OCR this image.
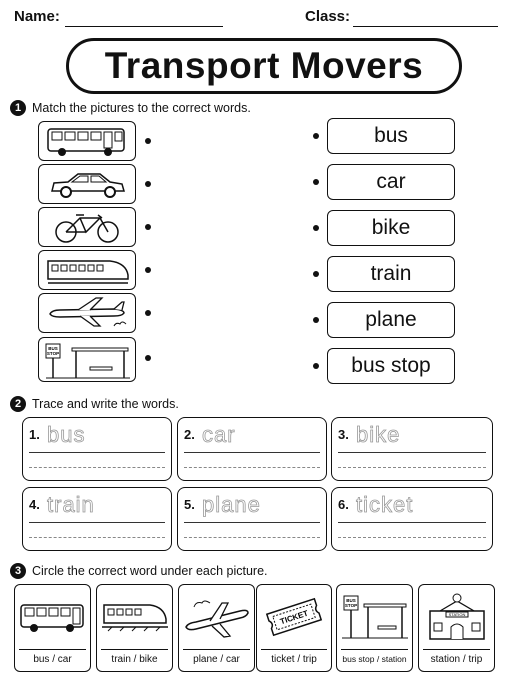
Name:	Class:
Transport Movers
1 Match the pictures to the correct words.
BUS
STOP
bus
car
bike
train
plane
bus stop
2 Trace and write the words.
1. bus	2. car	3. bike
4. train	5. plane	6. ticket
3 Circle the correct word under each picture.
bus / car	train / bike	plane / car
TICKET
ticket / trip
BUS
STOP
bus stop / station
STATION
station / trip
